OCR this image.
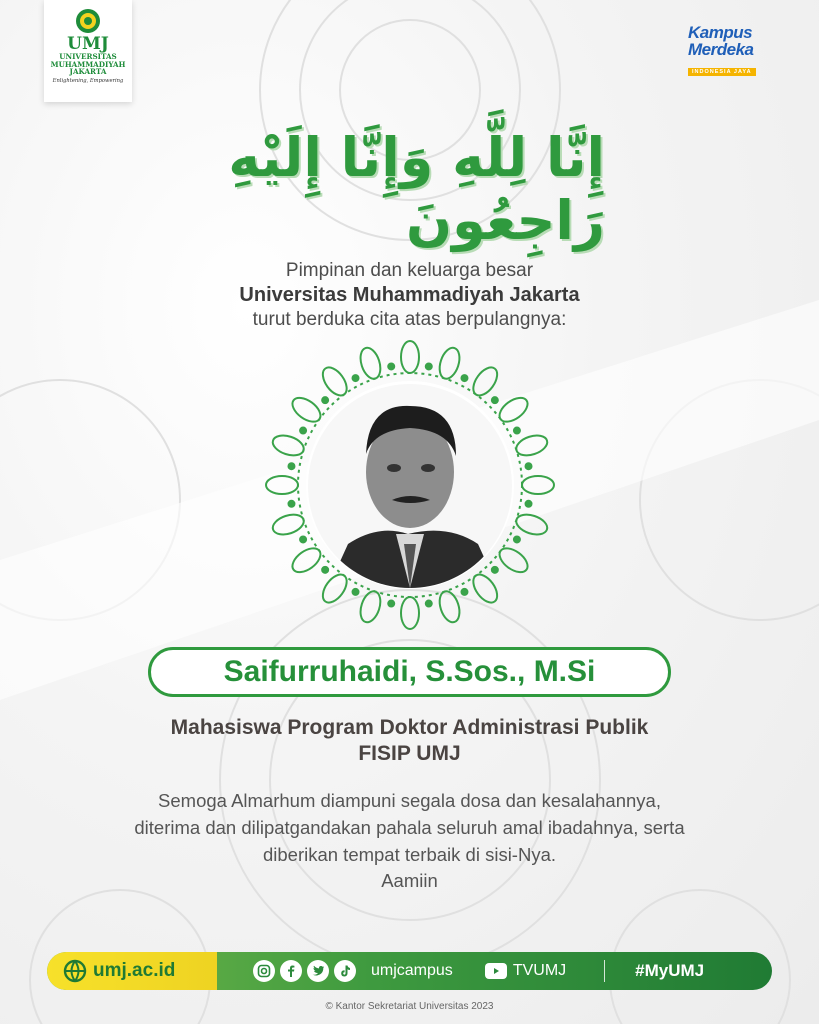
UMJ
UNIVERSITAS
MUHAMMADIYAH
JAKARTA
Enlightening, Empowering
Kampus
Merdeka
INDONESIA JAYA
إِنَّا لِلَّهِ وَإِنَّا إِلَيْهِ رَاجِعُونَ
Pimpinan dan keluarga besar
Universitas Muhammadiyah Jakarta
turut berduka cita atas berpulangnya:
Saifurruhaidi, S.Sos., M.Si
Mahasiswa Program Doktor Administrasi Publik
FISIP UMJ
Semoga Almarhum diampuni segala dosa dan kesalahannya,
diterima dan dilipatgandakan pahala seluruh amal ibadahnya, serta
diberikan tempat terbaik di sisi-Nya.
Aamiin
umj.ac.id	umjcampus	TVUMJ	#MyUMJ
© Kantor Sekretariat Universitas 2023
